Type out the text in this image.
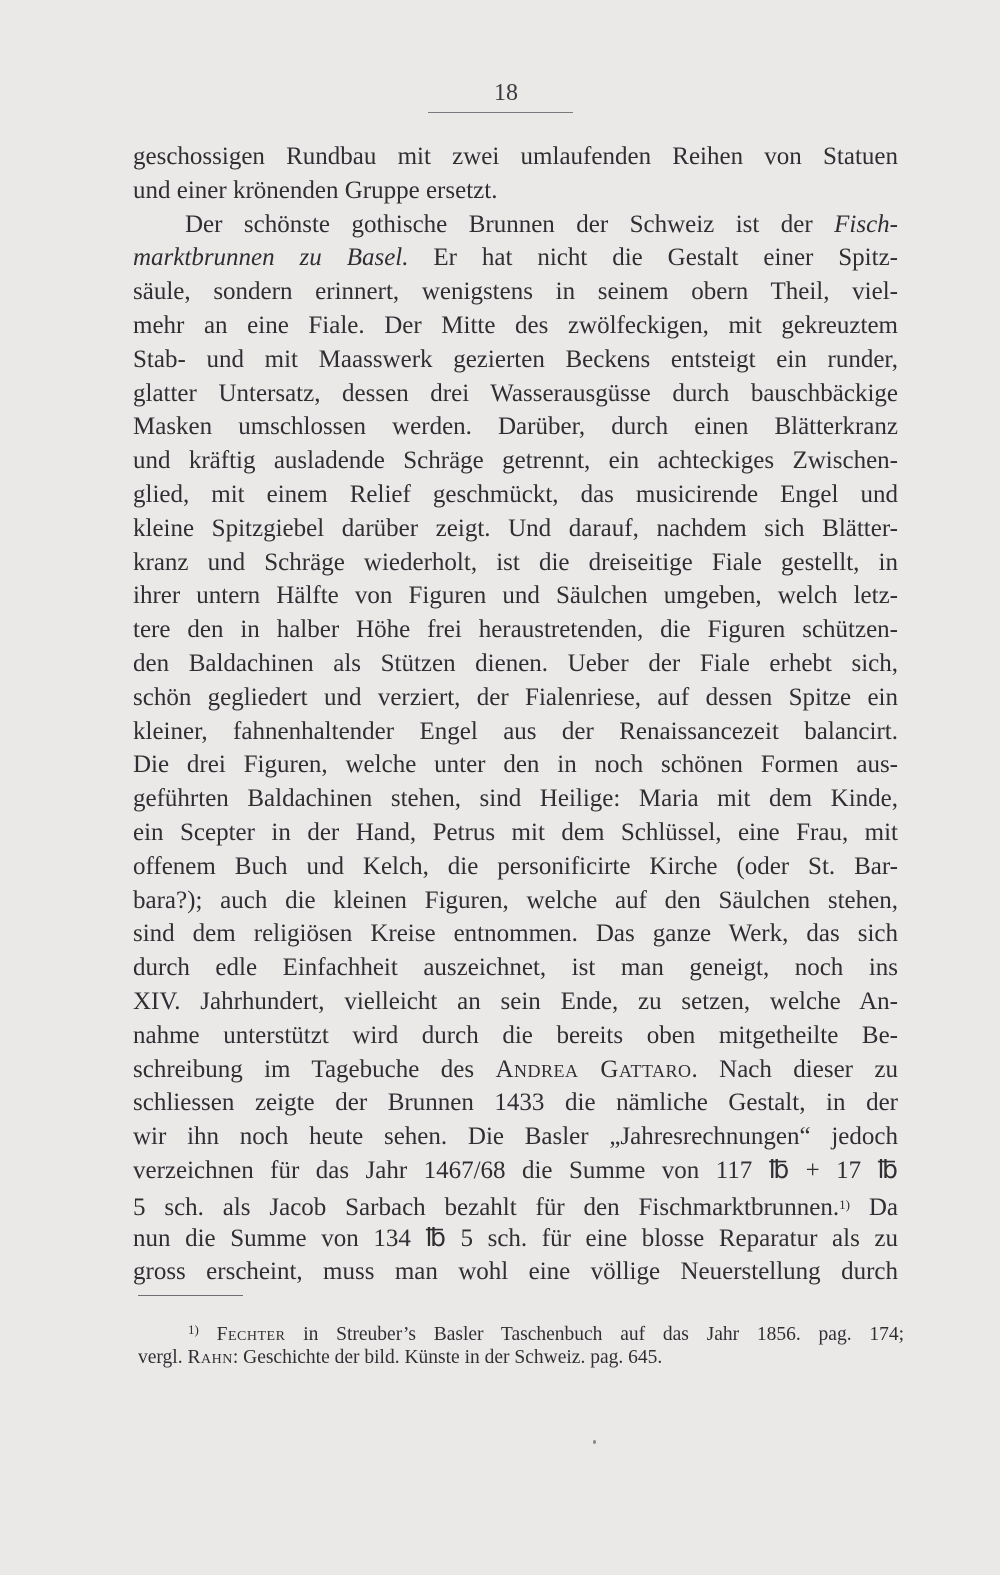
18
geschossigen Rundbau mit zwei umlaufenden Reihen von Statuen
und einer krönenden Gruppe ersetzt.
Der schönste gothische Brunnen der Schweiz ist der Fisch-
marktbrunnen zu Basel. Er hat nicht die Gestalt einer Spitz-
säule, sondern erinnert, wenigstens in seinem obern Theil, viel-
mehr an eine Fiale. Der Mitte des zwölfeckigen, mit gekreuztem
Stab- und mit Maasswerk gezierten Beckens entsteigt ein runder,
glatter Untersatz, dessen drei Wasserausgüsse durch bauschbäckige
Masken umschlossen werden. Darüber, durch einen Blätterkranz
und kräftig ausladende Schräge getrennt, ein achteckiges Zwischen-
glied, mit einem Relief geschmückt, das musicirende Engel und
kleine Spitzgiebel darüber zeigt. Und darauf, nachdem sich Blätter-
kranz und Schräge wiederholt, ist die dreiseitige Fiale gestellt, in
ihrer untern Hälfte von Figuren und Säulchen umgeben, welch letz-
tere den in halber Höhe frei heraustretenden, die Figuren schützen-
den Baldachinen als Stützen dienen. Ueber der Fiale erhebt sich,
schön gegliedert und verziert, der Fialenriese, auf dessen Spitze ein
kleiner, fahnenhaltender Engel aus der Renaissancezeit balancirt.
Die drei Figuren, welche unter den in noch schönen Formen aus-
geführten Baldachinen stehen, sind Heilige: Maria mit dem Kinde,
ein Scepter in der Hand, Petrus mit dem Schlüssel, eine Frau, mit
offenem Buch und Kelch, die personificirte Kirche (oder St. Bar-
bara?); auch die kleinen Figuren, welche auf den Säulchen stehen,
sind dem religiösen Kreise entnommen. Das ganze Werk, das sich
durch edle Einfachheit auszeichnet, ist man geneigt, noch ins
XIV. Jahrhundert, vielleicht an sein Ende, zu setzen, welche An-
nahme unterstützt wird durch die bereits oben mitgetheilte Be-
schreibung im Tagebuche des Andrea Gattaro. Nach dieser zu
schliessen zeigte der Brunnen 1433 die nämliche Gestalt, in der
wir ihn noch heute sehen. Die Basler „Jahresrechnungen“ jedoch
verzeichnen für das Jahr 1467/68 die Summe von 117 ℔ + 17 ℔
5 sch. als Jacob Sarbach bezahlt für den Fischmarktbrunnen.$^{1)}$ Da
nun die Summe von 134 ℔ 5 sch. für eine blosse Reparatur als zu
gross erscheint, muss man wohl eine völlige Neuerstellung durch
$^{1)}$ Fechter in Streuber’s Basler Taschenbuch auf das Jahr 1856. pag. 174;
vergl. Rahn: Geschichte der bild. Künste in der Schweiz. pag. 645.
